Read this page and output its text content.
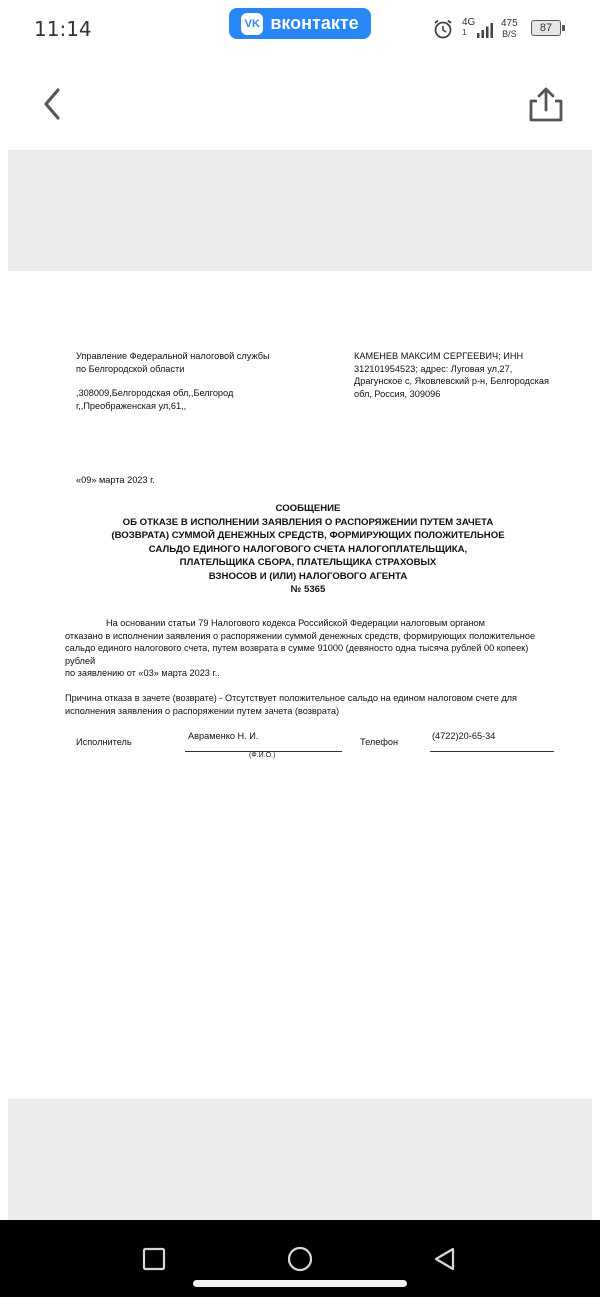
11:14	VK вконтакте	4G
1
475
B/S 87
Управление Федеральной налоговой службы
по Белгородской области
,308009,Белгородская обл,,Белгород
г,,Преображенская ул,61,,
КАМЕНЕВ МАКСИМ СЕРГЕЕВИЧ; ИНН
312101954523; адрес: Луговая ул,27,
Драгунское с, Яковлевский р-н, Белгородская
обл, Россия, 309096
«09» марта 2023 г.
СООБЩЕНИЕ
ОБ ОТКАЗЕ В ИСПОЛНЕНИИ ЗАЯВЛЕНИЯ О РАСПОРЯЖЕНИИ ПУТЕМ ЗАЧЕТА
(ВОЗВРАТА) СУММОЙ ДЕНЕЖНЫХ СРЕДСТВ, ФОРМИРУЮЩИХ ПОЛОЖИТЕЛЬНОЕ
САЛЬДО ЕДИНОГО НАЛОГОВОГО СЧЕТА НАЛОГОПЛАТЕЛЬЩИКА,
ПЛАТЕЛЬЩИКА СБОРА, ПЛАТЕЛЬЩИКА СТРАХОВЫХ
ВЗНОСОВ И (ИЛИ) НАЛОГОВОГО АГЕНТА
№ 5365
На основании статьи 79 Налогового кодекса Российской Федерации налоговым органом
отказано в исполнении заявления о распоряжении суммой денежных средств, формирующих положительное
сальдо единого налогового счета, путем возврата в сумме 91000 (девяносто одна тысяча рублей 00 копеек)
рублей
по заявлению от «03» марта 2023 г..
Причина отказа в зачете (возврате) - Отсутствует положительное сальдо на едином налоговом счете для
исполнения заявления о распоряжении путем зачета (возврата)
Исполнитель
Авраменко Н. И.
(Ф.И.О.)
Телефон
(4722)20-65-34
